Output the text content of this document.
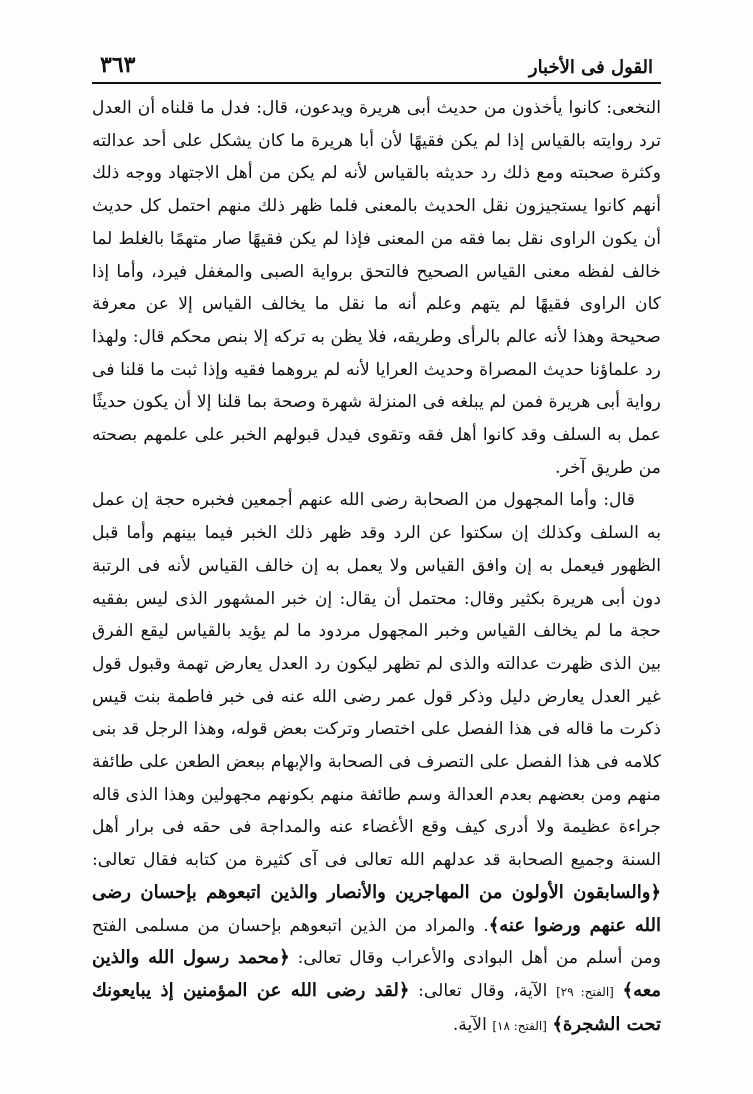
القول فى الأخبار
٣٦٣

النخعى: كانوا يأخذون من حديث أبى هريرة ويدعون، قال: فدل ما قلناه أن العدل ترد روايته بالقياس إذا لم يكن فقيهًا لأن أبا هريرة ما كان يشكل على أحد عدالته وكثرة صحبته ومع ذلك رد حديثه بالقياس لأنه لم يكن من أهل الاجتهاد ووجه ذلك أنهم كانوا يستجيزون نقل الحديث بالمعنى فلما ظهر ذلك منهم احتمل كل حديث أن يكون الراوى نقل بما فقه من المعنى فإذا لم يكن فقيهًا صار متهمًا بالغلط لما خالف لفظه معنى القياس الصحيح فالتحق برواية الصبى والمغفل فيرد، وأما إذا كان الراوى فقيهًا لم يتهم وعلم أنه ما نقل ما يخالف القياس إلا عن معرفة صحيحة وهذا لأنه عالم بالرأى وطريقه، فلا يظن به تركه إلا بنص محكم قال: ولهذا رد علماؤنا حديث المصراة وحديث العرايا لأنه لم يروهما فقيه وإذا ثبت ما قلنا فى رواية أبى هريرة فمن لم يبلغه فى المنزلة شهرة وصحة بما قلنا إلا أن يكون حديثًا عمل به السلف وقد كانوا أهل فقه وتقوى فيدل قبولهم الخبر على علمهم بصحته من طريق آخر.

قال: وأما المجهول من الصحابة رضى الله عنهم أجمعين فخبره حجة إن عمل به السلف وكذلك إن سكتوا عن الرد وقد ظهر ذلك الخبر فيما بينهم وأما قبل الظهور فيعمل به إن وافق القياس ولا يعمل به إن خالف القياس لأنه فى الرتبة دون أبى هريرة بكثير وقال: محتمل أن يقال: إن خبر المشهور الذى ليس بفقيه حجة ما لم يخالف القياس وخبر المجهول مردود ما لم يؤيد بالقياس ليقع الفرق بين الذى ظهرت عدالته والذى لم تظهر ليكون رد العدل يعارض تهمة وقبول قول غير العدل يعارض دليل وذكر قول عمر رضى الله عنه فى خبر فاطمة بنت قيس ذكرت ما قاله فى هذا الفصل على اختصار وتركت بعض قوله، وهذا الرجل قد بنى كلامه فى هذا الفصل على التصرف فى الصحابة والإبهام ببعض الطعن على طائفة منهم ومن بعضهم بعدم العدالة وسم طائفة منهم بكونهم مجهولين وهذا الذى قاله جراءة عظيمة ولا أدرى كيف وقع الأغضاء عنه والمداجة فى حقه فى برار أهل السنة وجميع الصحابة قد عدلهم الله تعالى فى آى كثيرة من كتابه فقال تعالى: ﴿والسابقون الأولون من المهاجرين والأنصار والذين اتبعوهم بإحسان رضى الله عنهم ورضوا عنه﴾. والمراد من الذين اتبعوهم بإحسان من مسلمى الفتح ومن أسلم من أهل البوادى والأعراب وقال تعالى: ﴿محمد رسول الله والذين معه﴾ [الفتح: ٢٩] الآية، وقال تعالى: ﴿لقد رضى الله عن المؤمنين إذ يبايعونك تحت الشجرة﴾ [الفتح: ١٨] الآية.
